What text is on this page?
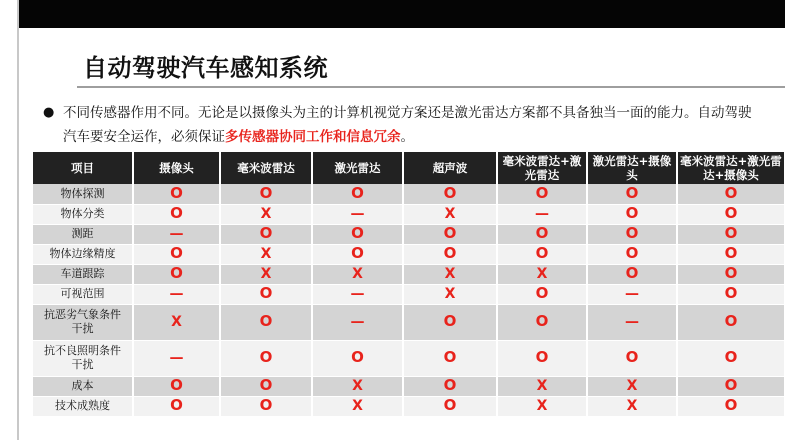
自动驾驶汽车感知系统
● 不同传感器作用不同。无论是以摄像头为主的计算机视觉方案还是激光雷达方案都不具备独当一面的能力。自动驾驶汽车要安全运作，必须保证多传感器协同工作和信息冗余。
项目	摄像头	毫米波雷达	激光雷达	超声波	毫米波雷达+激光雷达	激光雷达+摄像头	毫米波雷达+激光雷达+摄像头
物体探测	O	O	O	O	O	O	O
物体分类	O	X	—	X	—	O	O
测距	—	O	O	O	O	O	O
物体边缘精度	O	X	O	O	O	O	O
车道跟踪	O	X	X	X	X	O	O
可视范围	—	O	—	X	O	—	O
抗恶劣气象条件干扰	X	O	—	O	O	—	O
抗不良照明条件干扰	—	O	O	O	O	O	O
成本	O	O	X	O	X	X	O
技术成熟度	O	O	X	O	X	X	O
